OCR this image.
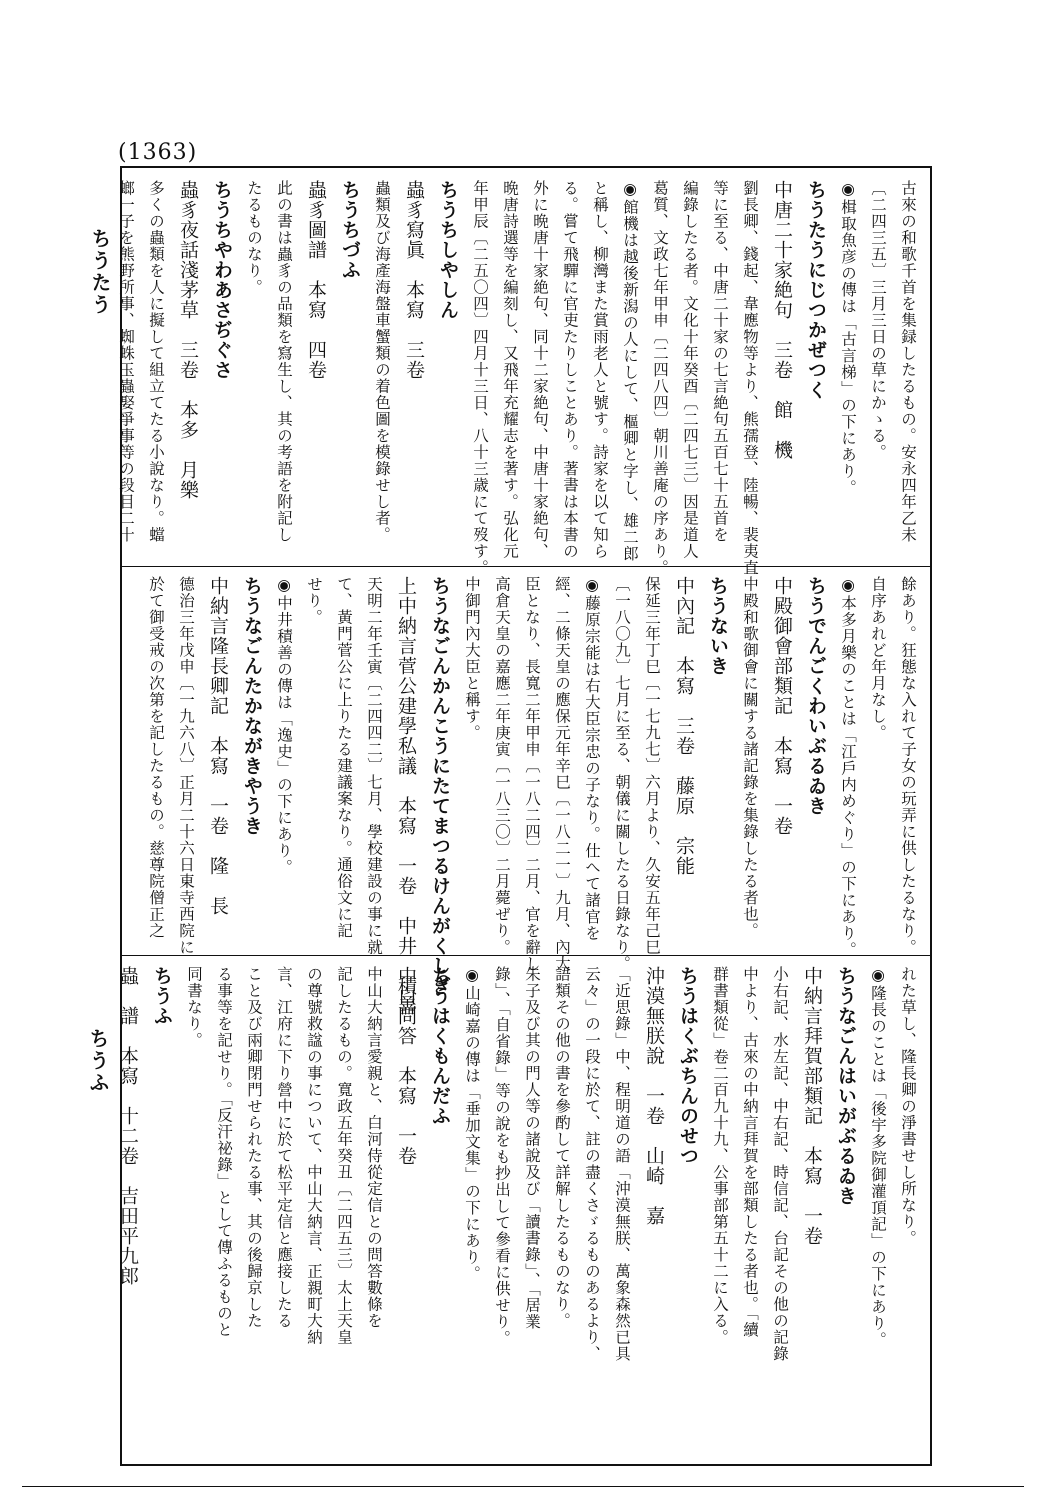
(1363)
ちうたう
ちうふ
古來の和歌千首を集録したるもの。安永四年乙未
〔二四三五〕三月三日の草にかゝる。
◉楫取魚彦の傳は「古言梯」の下にあり。
ちうたうにじつかぜつく
中唐二十家絶句　三卷　館　機
劉長卿、錢起、韋應物等より、熊孺登、陸暢、裴夷直
等に至る、中唐二十家の七言絶句五百七十五首を
編錄したる者。文化十年癸酉〔二四七三〕因是道人
葛質、文政七年甲申〔二四八四〕朝川善庵の序あり。
◉館機は越後新潟の人にして、樞卿と字し、雄二郎
と稱し、柳灣また賞雨老人と號す。詩家を以て知ら
る。嘗て飛驒に官吏たりしことあり。著書は本書の
外に晩唐十家絶句、同十二家絶句、中唐十家絶句、
晩唐詩選等を編刻し、又飛年充耀志を著す。弘化元
年甲辰〔二五〇四〕四月十三日、八十三歳にて歿す。
ちうちしやしん
蟲豸寫眞　本寫　三卷
蟲類及び海產海盤車蟹類の着色圖を模錄せし者。
ちうちづふ
蟲豸圖譜　本寫　四卷
此の書は蟲豸の品類を寫生し、其の考語を附記し
たるものなり。
ちうちやわあさぢぐさ
蟲豸夜話淺茅草　三卷　本多　月樂
多くの蟲類を人に擬して組立てたる小說なり。蟷
螂一子を熊野所事、蜘蛛玉蟲娶爭事等の段目二十
餘あり。狂態な入れて子女の玩弄に供したるなり。
自序あれど年月なし。
◉本多月樂のことは「江戶内めぐり」の下にあり。
ちうでんごくわいぶるゐき
中殿御會部類記　本寫　一卷
中殿和歌御會に關する諸記錄を集錄したる者也。
ちうないき
中內記　本寫　三卷　藤原　宗能
保延三年丁巳〔一七九七〕六月より、久安五年己巳
〔一八〇九〕七月に至る、朝儀に關したる日錄なり。
◉藤原宗能は右大臣宗忠の子なり。仕へて諸官を
經、二條天皇の應保元年辛巳〔一八二一〕九月、內大
臣となり、長寬二年甲申〔一八二四〕二月、官を辭し
高倉天皇の嘉應二年庚寅〔一八三〇〕二月薨ぜり。
中御門內大臣と稱す。
ちうなごんかんこうにたてまつるけんがくしぎ
上中納言菅公建學私議　本寫　一卷　中井　積善
天明二年壬寅〔二四四二〕七月、學校建設の事に就
て、黃門菅公に上りたる建議案なり。通俗文に記
せり。
◉中井積善の傳は「逸史」の下にあり。
ちうなごんたかながきやうき
中納言隆長卿記　本寫　一卷　隆　長
德治三年戊申〔一九六八〕正月二十六日東寺西院に
於て御受戒の次第を記したるもの。慈尊院僧正之
れた草し、隆長卿の淨書せし所なり。
◉隆長のことは「後宇多院御灌頂記」の下にあり。
ちうなごんはいがぶるゐき
中納言拜賀部類記　本寫　一卷
小右記、水左記、中右記、時信記、台記その他の記錄
中より、古來の中納言拜賀を部類したる者也。「續
群書類從」卷二百九十九、公事部第五十二に入る。
ちうはくぶちんのせつ
沖漠無朕說　一卷　山崎　嘉
「近思錄」中、程明道の語「沖漠無朕、萬象森然已具
云々」の一段に於て、註の盡くさゞるものあるより、
語類その他の書を參酌して詳解したるものなり。
朱子及び其の門人等の諸說及び「讀書錄」、「居業
錄」、「自省錄」等の說をも抄出して參看に供せり。
◉山崎嘉の傳は「垂加文集」の下にあり。
ちうはくもんだふ
中白問答　本寫　一卷
中山大納言愛親と、白河侍從定信との問答數條を
記したるもの。寬政五年癸丑〔二四五三〕太上天皇
の尊號救諡の事について、中山大納言、正親町大納
言、江府に下り營中に於て松平定信と應接したる
こと及び兩卿閉門せられたる事、其の後歸京した
る事等を記せり。「反汗祕錄」として傳ふるものと
同書なり。
ちうふ
蟲　譜　本寫　十二卷　吉田平九郎
